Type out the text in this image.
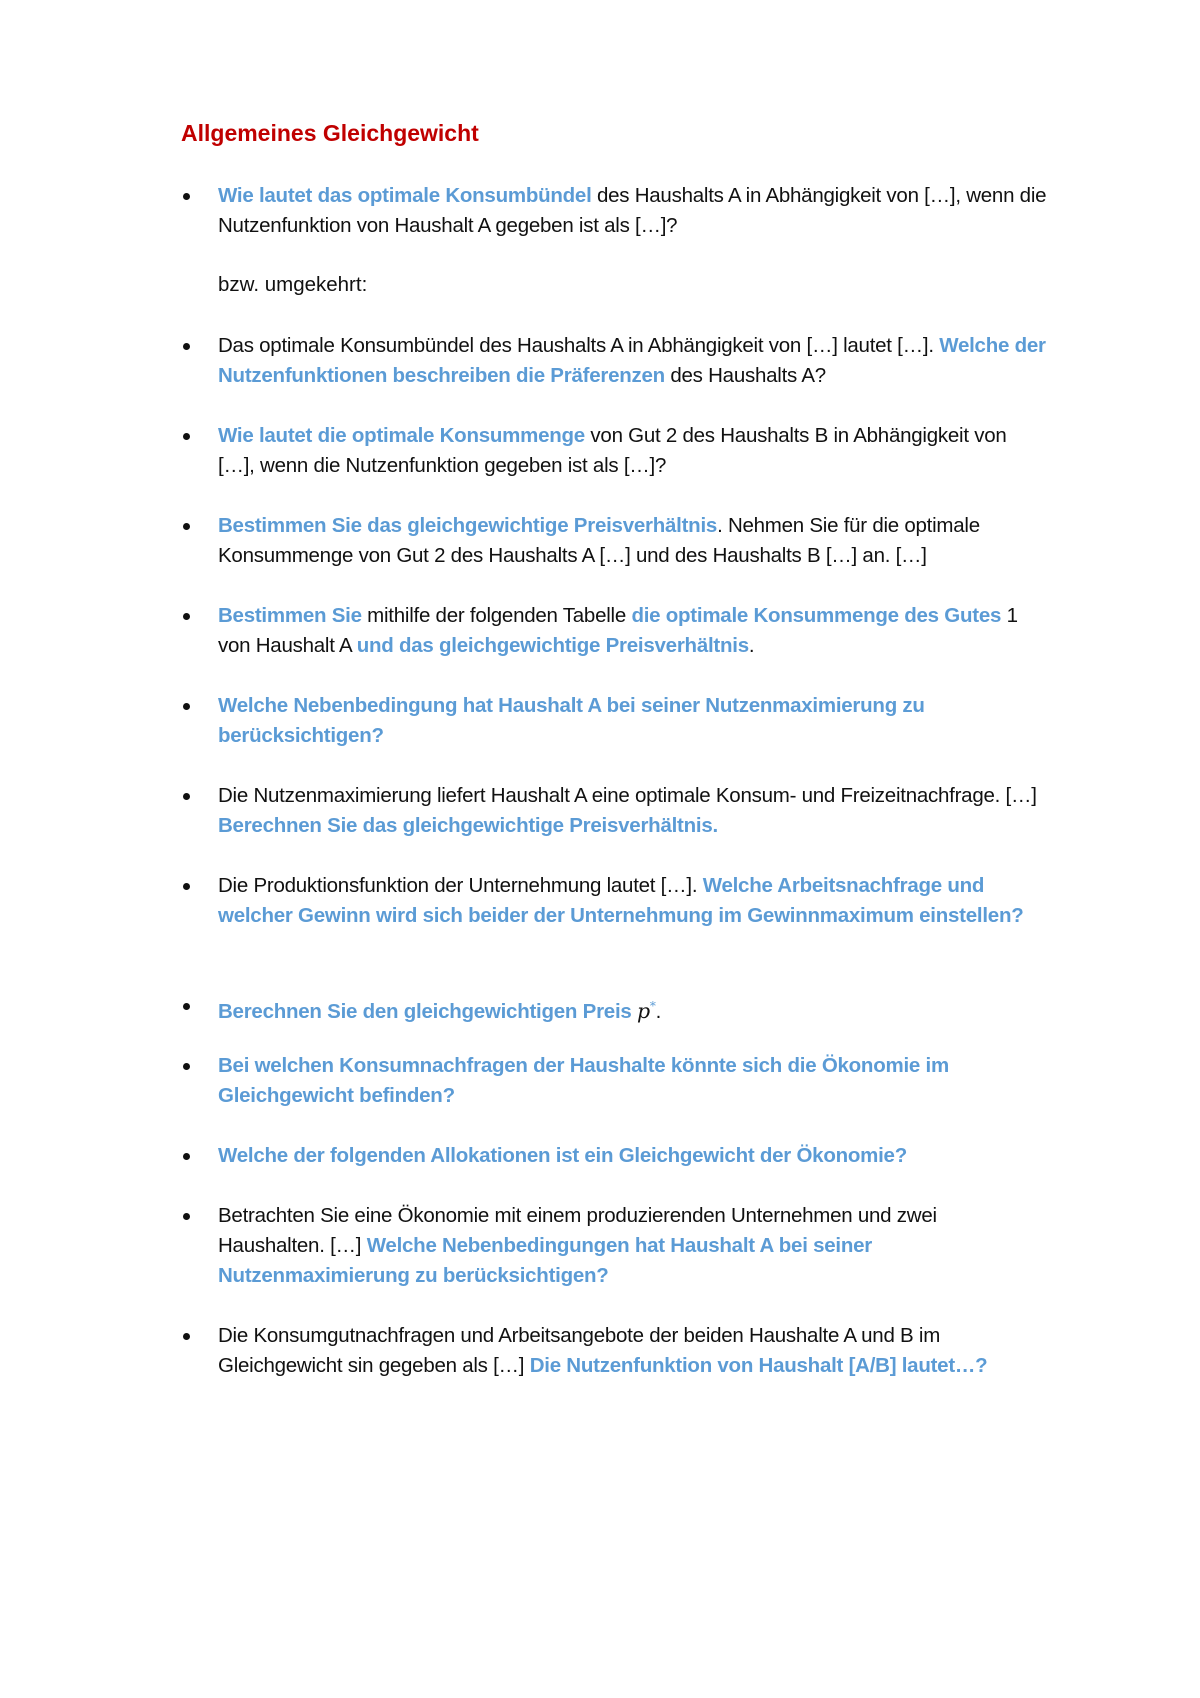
Allgemeines Gleichgewicht
Wie lautet das optimale Konsumbündel des Haushalts A in Abhängigkeit von […], wenn die Nutzenfunktion von Haushalt A gegeben ist als […]?
Das optimale Konsumbündel des Haushalts A in Abhängigkeit von […] lautet […]. Welche der Nutzenfunktionen beschreiben die Präferenzen des Haushalts A?
Wie lautet die optimale Konsummenge von Gut 2 des Haushalts B in Abhängigkeit von […], wenn die Nutzenfunktion gegeben ist als […]?
Bestimmen Sie das gleichgewichtige Preisverhältnis. Nehmen Sie für die optimale Konsummenge von Gut 2 des Haushalts A […] und des Haushalts B […] an. […]
Bestimmen Sie mithilfe der folgenden Tabelle die optimale Konsummenge des Gutes 1 von Haushalt A und das gleichgewichtige Preisverhältnis.
Welche Nebenbedingung hat Haushalt A bei seiner Nutzenmaximierung zu berücksichtigen?
Die Nutzenmaximierung liefert Haushalt A eine optimale Konsum- und Freizeitnachfrage. […] Berechnen Sie das gleichgewichtige Preisverhältnis.
Die Produktionsfunktion der Unternehmung lautet […]. Welche Arbeitsnachfrage und welcher Gewinn wird sich beider der Unternehmung im Gewinnmaximum einstellen?
Berechnen Sie den gleichgewichtigen Preis p*.
Bei welchen Konsumnachfragen der Haushalte könnte sich die Ökonomie im Gleichgewicht befinden?
Welche der folgenden Allokationen ist ein Gleichgewicht der Ökonomie?
Betrachten Sie eine Ökonomie mit einem produzierenden Unternehmen und zwei Haushalten. […] Welche Nebenbedingungen hat Haushalt A bei seiner Nutzenmaximierung zu berücksichtigen?
Die Konsumgutnachfragen und Arbeitsangebote der beiden Haushalte A und B im Gleichgewicht sin gegeben als […] Die Nutzenfunktion von Haushalt [A/B] lautet…?
bzw. umgekehrt:
